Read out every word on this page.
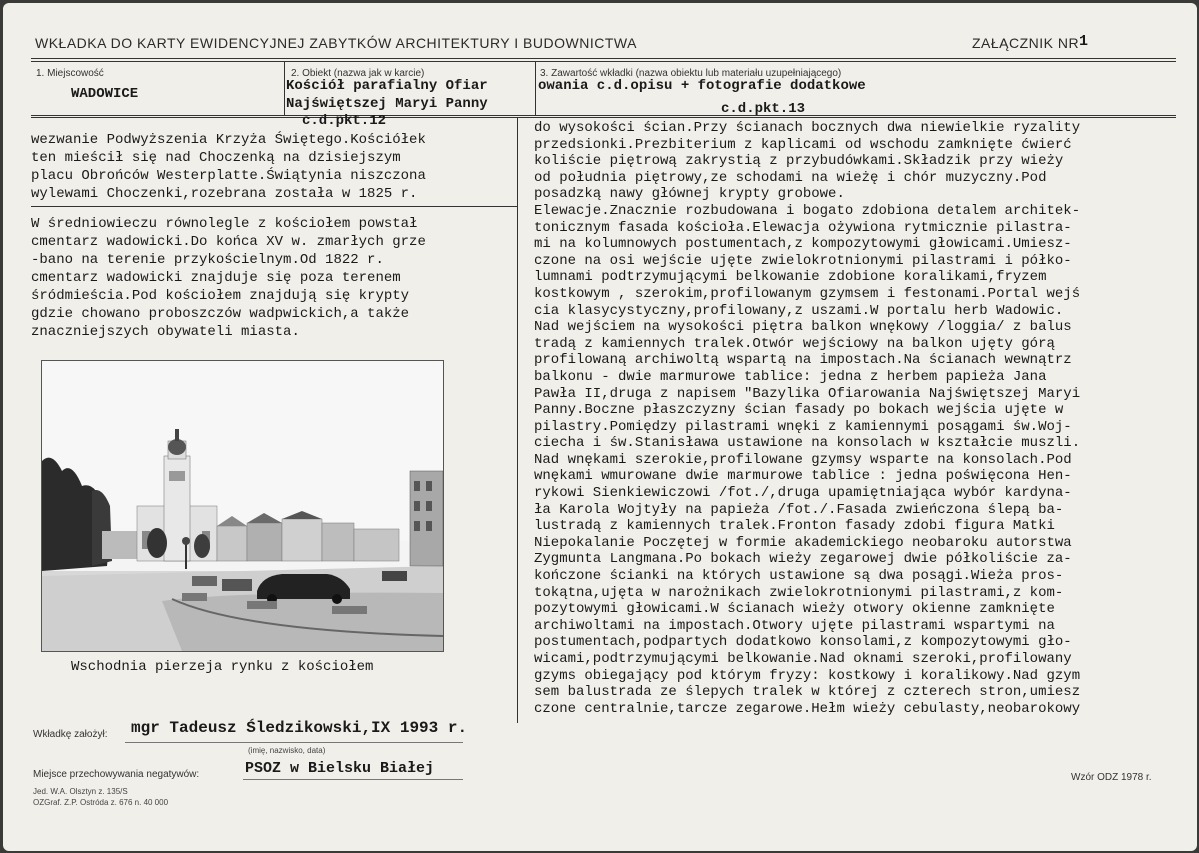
WKŁADKA DO KARTY EWIDENCYJNEJ ZABYTKÓW ARCHITEKTURY I BUDOWNICTWA	ZAŁĄCZNIK NR 1
1. Miejscowość
WADOWICE
2. Obiekt (nazwa jak w karcie)
Kościół parafialny Ofiar
Najświętszej Maryi Panny
c.d.pkt.12
3. Zawartość wkładki (nazwa obiektu lub materiału uzupełniającego)
owania c.d.opisu + fotografie dodatkowe
c.d.pkt.13
wezwanie Podwyższenia Krzyża Świętego.Kościółek
ten mieścił się nad Choczenką na dzisiejszym
placu Obrońców Westerplatte.Świątynia niszczona
wylewami Choczenki,rozebrana została w 1825 r.
W średniowieczu równolegle z kościołem powstał
cmentarz wadowicki.Do końca XV w. zmarłych grze
-bano na terenie przykościelnym.Od 1822 r.
cmentarz wadowicki znajduje się poza terenem
śródmieścia.Pod kościołem znajdują się krypty
gdzie chowano proboszczów wadpwickich,a także
znaczniejszych obywateli miasta.
Wschodnia pierzeja rynku z kościołem
Wkładkę założył: mgr Tadeusz Śledzikowski,IX 1993 r.
(imię, nazwisko, data)
Miejsce przechowywania negatywów:	PSOZ w Bielsku Białej
Jed. W.A. Olsztyn z. 135/S
OZGraf. Z.P. Ostróda z. 676 n. 40 000
Wzór ODZ 1978 r.
do wysokości ścian.Przy ścianach bocznych dwa niewielkie ryzality
przedsionki.Prezbiterium z kaplicami od wschodu zamknięte ćwierć
koliście piętrową zakrystią z przybudówkami.Składzik przy wieży
od południa piętrowy,ze schodami na wieżę i chór muzyczny.Pod
posadzką nawy głównej krypty grobowe.
Elewacje.Znacznie rozbudowana i bogato zdobiona detalem architek-
tonicznym fasada kościoła.Elewacja ożywiona rytmicznie pilastra-
mi na kolumnowych postumentach,z kompozytowymi głowicami.Umiesz-
czone na osi wejście ujęte zwielokrotnionymi pilastrami i półko-
lumnami podtrzymującymi belkowanie zdobione koralikami,fryzem
kostkowym , szerokim,profilowanym gzymsem i festonami.Portal wejś
cia klasycystyczny,profilowany,z uszami.W portalu herb Wadowic.
Nad wejściem na wysokości piętra balkon wnękowy /loggia/ z balus
tradą z kamiennych tralek.Otwór wejściowy na balkon ujęty górą
profilowaną archiwoltą wspartą na impostach.Na ścianach wewnątrz
balkonu - dwie marmurowe tablice: jedna z herbem papieża Jana
Pawła II,druga z napisem "Bazylika Ofiarowania Najświętszej Maryi
Panny.Boczne płaszczyzny ścian fasady po bokach wejścia ujęte w
pilastry.Pomiędzy pilastrami wnęki z kamiennymi posągami św.Woj-
ciecha i św.Stanisława ustawione na konsolach w kształcie muszli.
Nad wnękami szerokie,profilowane gzymsy wsparte na konsolach.Pod
wnękami wmurowane dwie marmurowe tablice : jedna poświęcona Hen-
rykowi Sienkiewiczowi /fot./,druga upamiętniająca wybór kardyna-
ła Karola Wojtyły na papieża /fot./.Fasada zwieńczona ślepą ba-
lustradą z kamiennych tralek.Fronton fasady zdobi figura Matki
Niepokalanie Poczętej w formie akademickiego neobaroku autorstwa
Zygmunta Langmana.Po bokach wieży zegarowej dwie półkoliście za-
kończone ścianki na których ustawione są dwa posągi.Wieża pros-
tokątna,ujęta w narożnikach zwielokrotnionymi pilastrami,z kom-
pozytowymi głowicami.W ścianach wieży otwory okienne zamknięte
archiwoltami na impostach.Otwory ujęte pilastrami wspartymi na
postumentach,podpartych dodatkowo konsolami,z kompozytowymi gło-
wicami,podtrzymującymi belkowanie.Nad oknami szeroki,profilowany
gzyms obiegający pod którym fryzy: kostkowy i koralikowy.Nad gzym
sem balustrada ze ślepych tralek w której z czterech stron,umiesz
czone centralnie,tarcze zegarowe.Hełm wieży cebulasty,neobarokowy
